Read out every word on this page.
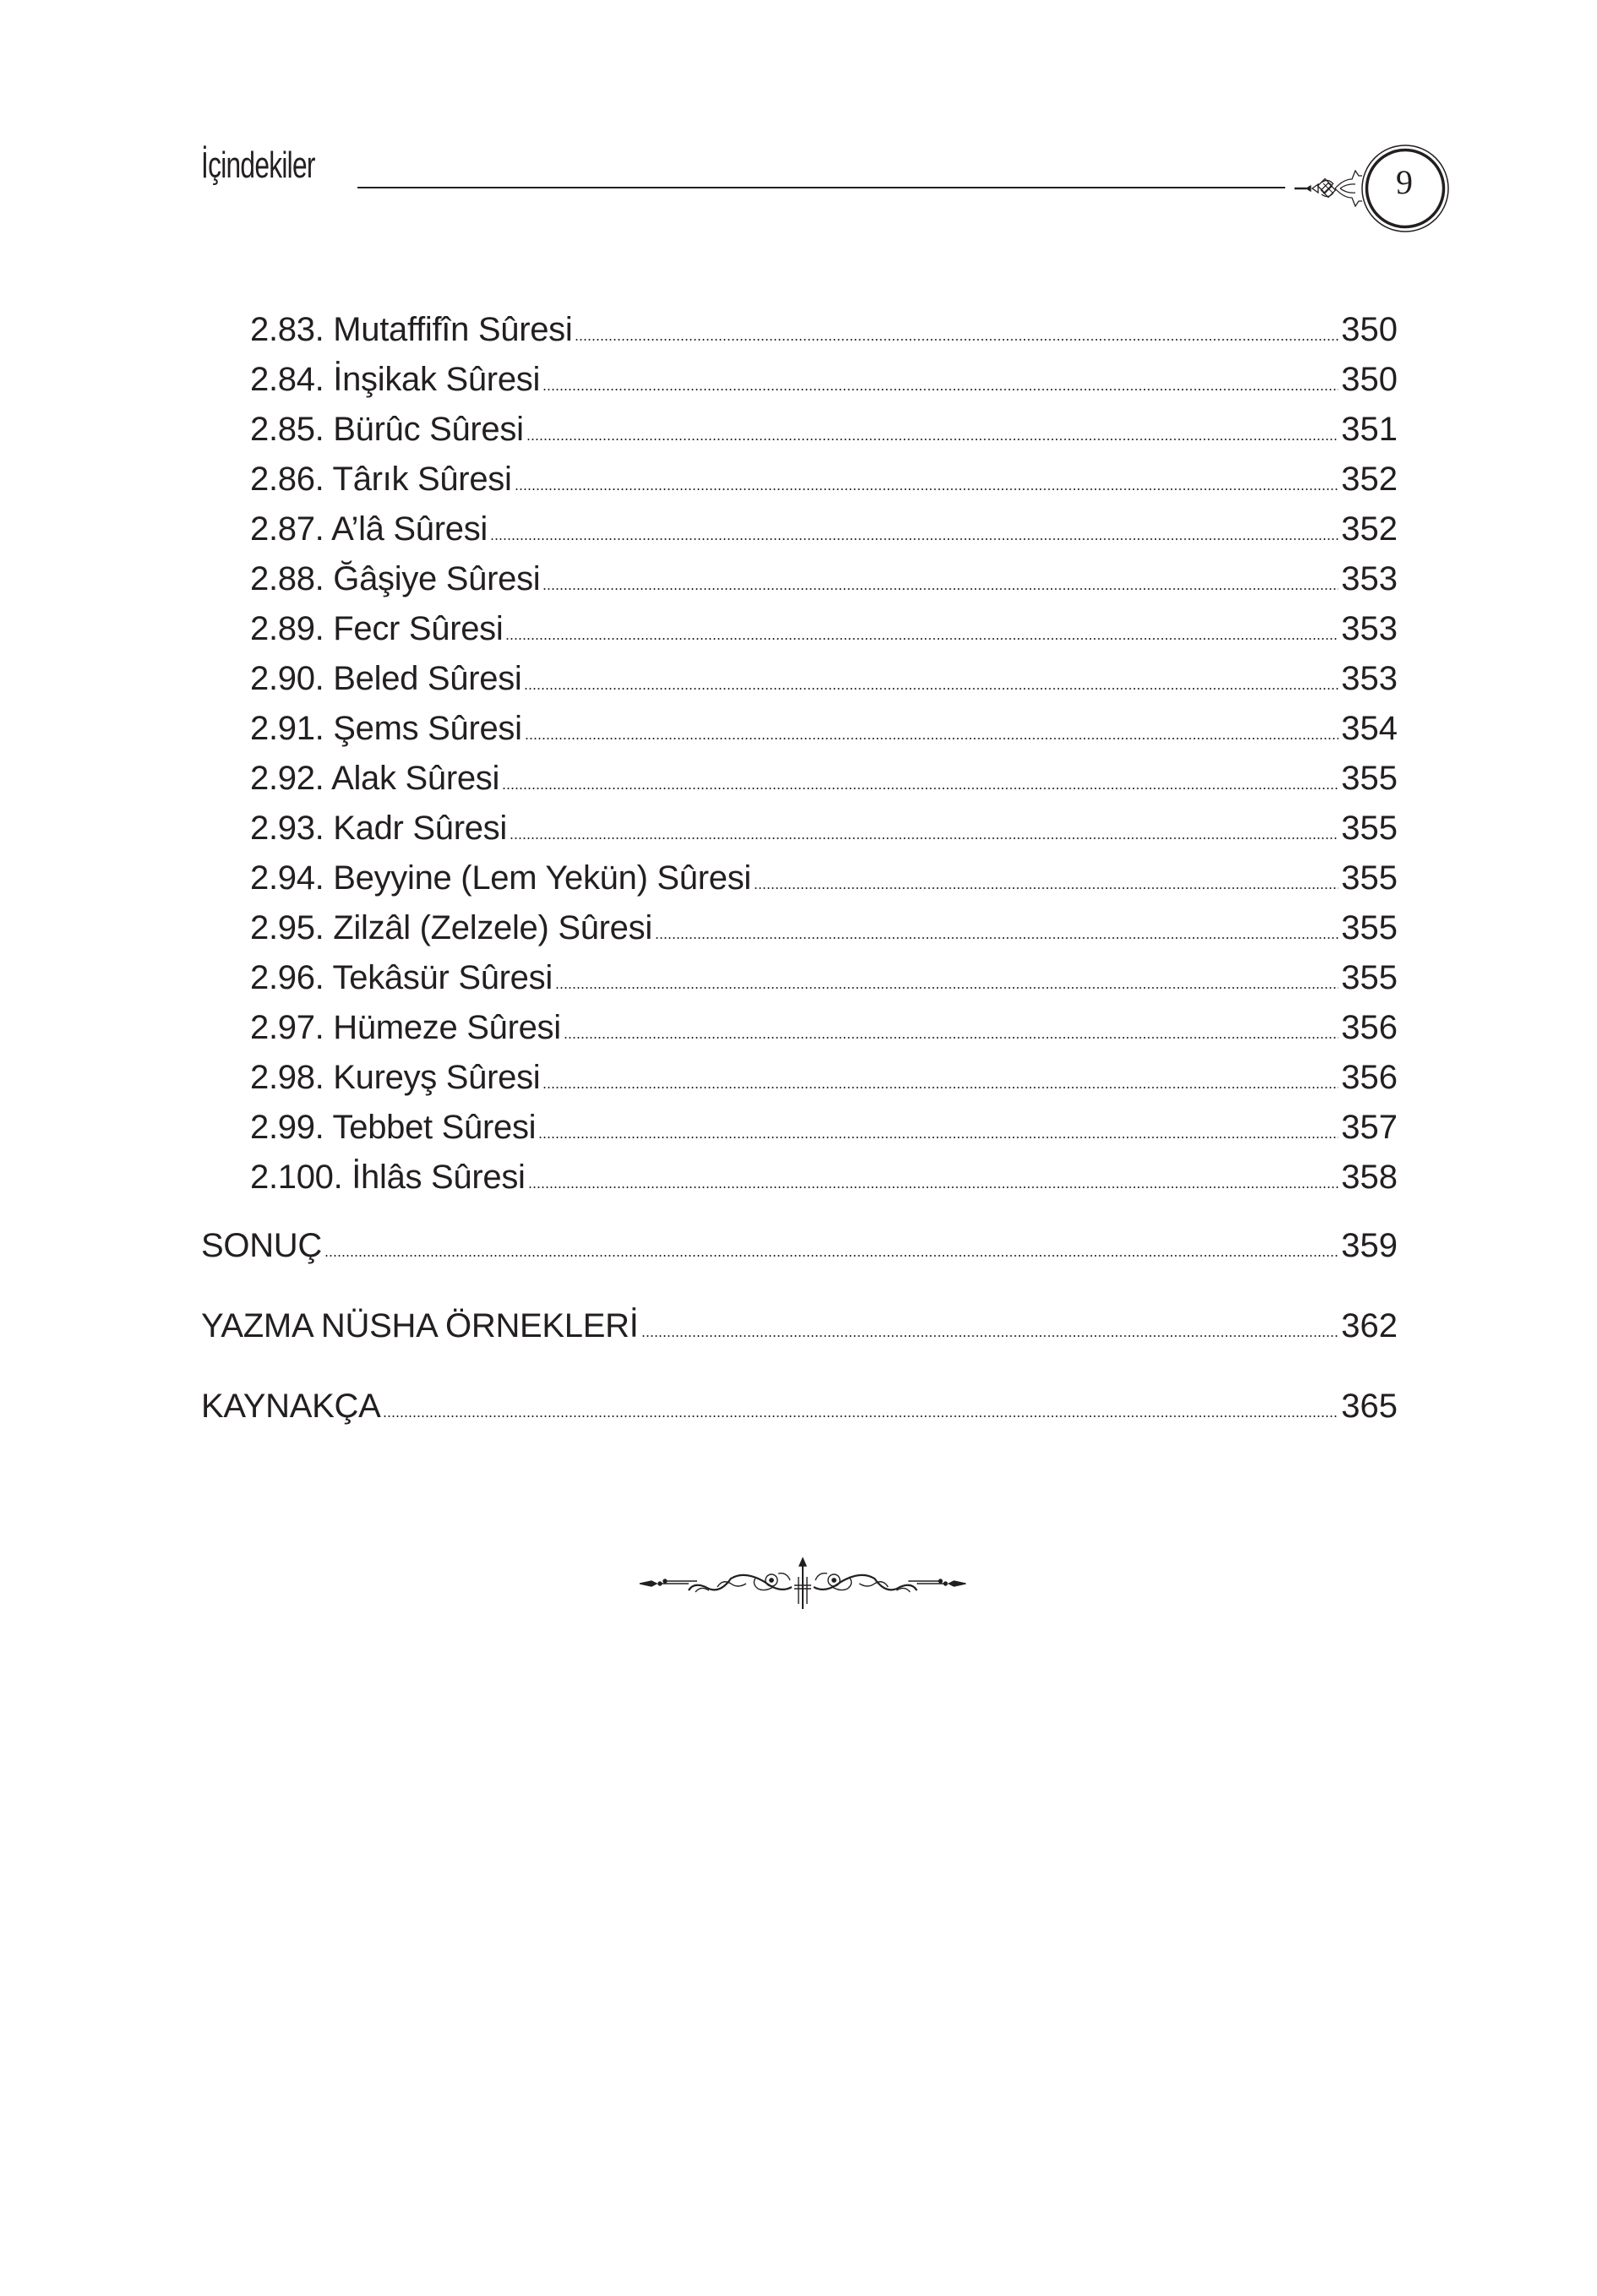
İçindekiler	9
2.83. Mutaffifîn Sûresi	350
2.84. İnşikak Sûresi	350
2.85. Bürûc Sûresi	351
2.86. Târık Sûresi	352
2.87. A’lâ Sûresi	352
2.88. Ğâşiye Sûresi	353
2.89. Fecr Sûresi	353
2.90. Beled Sûresi	353
2.91. Şems Sûresi	354
2.92. Alak Sûresi	355
2.93. Kadr Sûresi	355
2.94. Beyyine (Lem Yekün) Sûresi	355
2.95. Zilzâl (Zelzele) Sûresi	355
2.96. Tekâsür Sûresi	355
2.97. Hümeze Sûresi	356
2.98. Kureyş Sûresi	356
2.99. Tebbet Sûresi	357
2.100. İhlâs Sûresi	358
SONUÇ	359
YAZMA NÜSHA ÖRNEKLERİ	362
KAYNAKÇA	365
